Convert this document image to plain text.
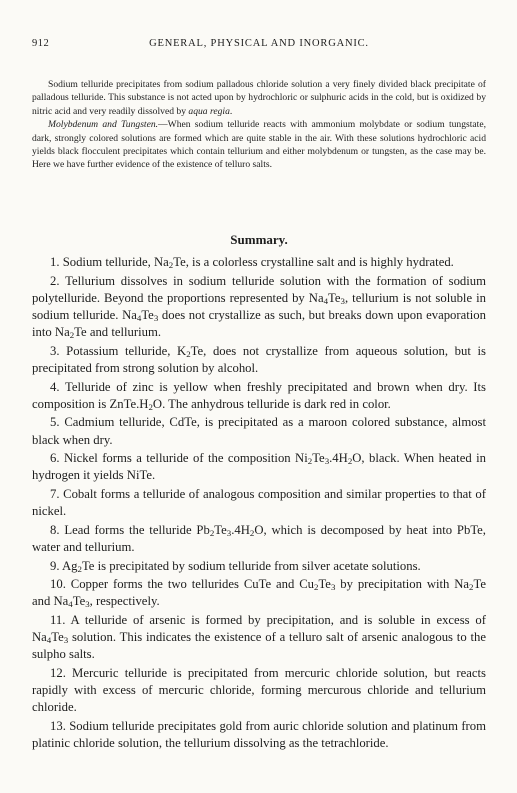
912	GENERAL, PHYSICAL AND INORGANIC.

Sodium telluride precipitates from sodium palladous chloride solution a very finely divided black precipitate of palladous telluride. This substance is not acted upon by hydrochloric or sulphuric acids in the cold, but is oxidized by nitric acid and very readily dissolved by aqua regia.

Molybdenum and Tungsten.—When sodium telluride reacts with ammonium molybdate or sodium tungstate, dark, strongly colored solutions are formed which are quite stable in the air. With these solutions hydrochloric acid yields black flocculent precipitates which contain tellurium and either molybdenum or tungsten, as the case may be. Here we have further evidence of the existence of telluro salts.

Summary.

1. Sodium telluride, $Na_2Te$, is a colorless crystalline salt and is highly hydrated.

2. Tellurium dissolves in sodium telluride solution with the formation of sodium polytelluride. Beyond the proportions represented by $Na_4Te_3$, tellurium is not soluble in sodium telluride. $Na_4Te_3$ does not crystallize as such, but breaks down upon evaporation into $Na_2Te$ and tellurium.

3. Potassium telluride, $K_2Te$, does not crystallize from aqueous solution, but is precipitated from strong solution by alcohol.

4. Telluride of zinc is yellow when freshly precipitated and brown when dry. Its composition is $ZnTe.H_2O$. The anhydrous telluride is dark red in color.

5. Cadmium telluride, CdTe, is precipitated as a maroon colored substance, almost black when dry.

6. Nickel forms a telluride of the composition $Ni_2Te_3.4H_2O$, black. When heated in hydrogen it yields NiTe.

7. Cobalt forms a telluride of analogous composition and similar properties to that of nickel.

8. Lead forms the telluride $Pb_2Te_3.4H_2O$, which is decomposed by heat into PbTe, water and tellurium.

9. $Ag_2Te$ is precipitated by sodium telluride from silver acetate solutions.

10. Copper forms the two tellurides CuTe and $Cu_2Te_3$ by precipitation with $Na_2Te$ and $Na_4Te_3$, respectively.

11. A telluride of arsenic is formed by precipitation, and is soluble in excess of $Na_4Te_3$ solution. This indicates the existence of a telluro salt of arsenic analogous to the sulpho salts.

12. Mercuric telluride is precipitated from mercuric chloride solution, but reacts rapidly with excess of mercuric chloride, forming mercurous chloride and tellurium chloride.

13. Sodium telluride precipitates gold from auric chloride solution and platinum from platinic chloride solution, the tellurium dissolving as the tetrachloride.
